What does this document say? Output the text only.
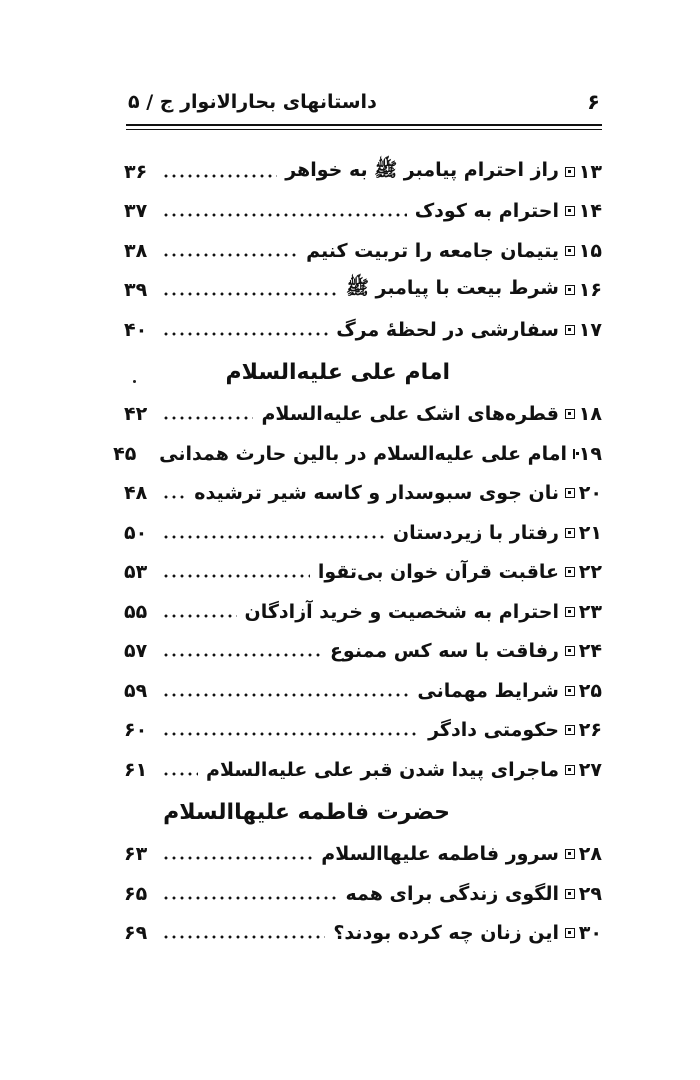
۶
داستانهای بحارالانوار ج / ۵
۱۳
راز احترام پیامبر ﷺ به خواهر
۳۶
۱۴
احترام به کودک
۳۷
۱۵
یتیمان جامعه را تربیت کنیم
۳۸
۱۶
شرط بیعت با پیامبر ﷺ
۳۹
۱۷
سفارشی در لحظهٔ مرگ
۴۰
امام علی علیه‌السلام
۱۸
قطره‌های اشک علی علیه‌السلام
۴۲
۱۹
امام علی علیه‌السلام در بالین حارث همدانی
۴۵
۲۰
نان جوی سبوسدار و کاسه شیر ترشیده
۴۸
۲۱
رفتار با زیردستان
۵۰
۲۲
عاقبت قرآن خوان بی‌تقوا
۵۳
۲۳
احترام به شخصیت و خرید آزادگان
۵۵
۲۴
رفاقت با سه کس ممنوع
۵۷
۲۵
شرایط مهمانی
۵۹
۲۶
حکومتی دادگر
۶۰
۲۷
ماجرای پیدا شدن قبر علی علیه‌السلام
۶۱
حضرت فاطمه علیهاالسلام
۲۸
سرور فاطمه علیهاالسلام
۶۳
۲۹
الگوی زندگی برای همه
۶۵
۳۰
این زنان چه کرده بودند؟
۶۹
